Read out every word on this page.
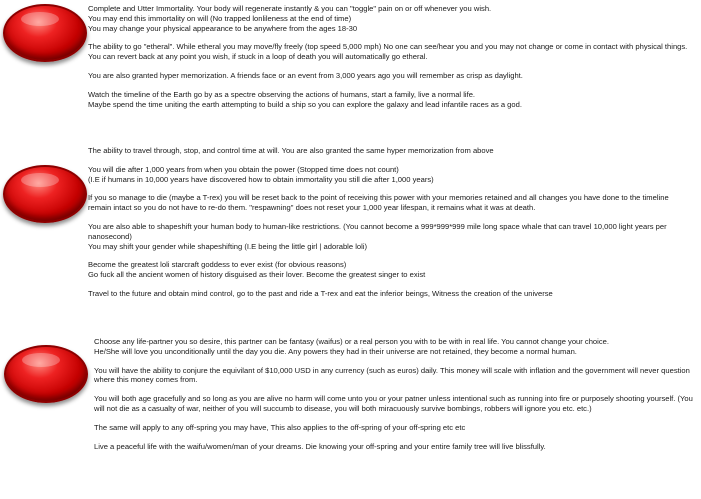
Complete and Utter Immortality. Your body will regenerate instantly & you can "toggle" pain on or off whenever you wish.
You may end this immortality on will (No trapped lonlileness at the end of time)
You may change your physical appearance to be anywhere from the ages 18-30

The ability to go "etheral". While etheral you may move/fly freely (top speed 5,000 mph) No one can see/hear you and you may not change or come in contact with physical things. You can revert back at any point you wish, if stuck in a loop of death you will automatically go etheral.

You are also granted hyper memorization. A friends face or an event from 3,000 years ago you will remember as crisp as daylight.

Watch the timeline of the Earth go by as a spectre observing the actions of humans, start a family, live a normal life.
Maybe spend the time uniting the earth attempting to build a ship so you can explore the galaxy and lead infantile races as a god.

The ability to travel through, stop, and control time at will. You are also granted the same hyper memorization from above

You will die after 1,000 years from when you obtain the power (Stopped time does not count)
(I.E if humans in 10,000 years have discovered how to obtain immortality you still die after 1,000 years)

If you so manage to die (maybe a T-rex) you will be reset back to the point of receiving this power with your memories retained and all changes you have done to the timeline remain intact so you do not have to re-do them. "respawning" does not reset your 1,000 year lifespan, it remains what it was at death.

You are also able to shapeshift your human body to human-like restrictions. (You cannot become a 999*999*999 mile long space whale that can travel 10,000 light years per nanosecond)
You may shift your gender while shapeshifting (I.E being the little girl | adorable loli)

Become the greatest loli starcraft goddess to ever exist (for obvious reasons)
Go fuck all the ancient women of history disguised as their lover. Become the greatest singer to exist

Travel to the future and obtain mind control, go to the past and ride a T-rex and eat the inferior beings, Witness the creation of the universe

Choose any life-partner you so desire, this partner can be fantasy (waifus) or a real person you with to be with in real life. You cannot change your choice.
He/She will love you unconditionally until the day you die. Any powers they had in their universe are not retained, they become a normal human.

You will have the ability to conjure the equivilant of $10,000 USD in any currency (such as euros) daily. This money will scale with inflation and the government will never question where this money comes from.

You will both age gracefully and so long as you are alive no harm will come unto you or your patner unless intentional such as running into fire or purposely shooting yourself. (You will not die as a casualty of war, neither of you will succumb to disease, you will both miracuously survive bombings, robbers will ignore you etc. etc.)

The same will apply to any off-spring you may have, This also applies to the off-spring of your off-spring etc etc

Live a peaceful life with the waifu/women/man of your dreams. Die knowing your off-spring and your entire family tree will live blissfully.
